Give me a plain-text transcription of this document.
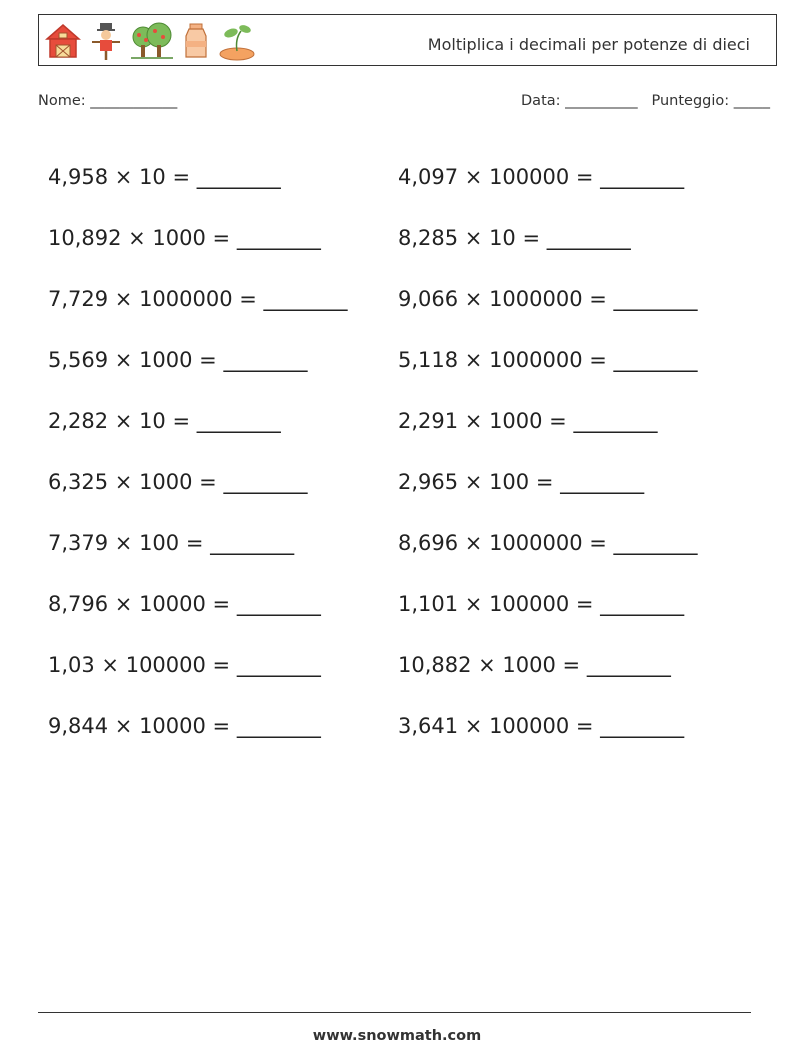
Moltiplica i decimali per potenze di dieci
Nome: ____________	Data: __________ Punteggio: _____
4,958 × 10 = ________	4,097 × 100000 = ________
10,892 × 1000 = ________	8,285 × 10 = ________
7,729 × 1000000 = ________	9,066 × 1000000 = ________
5,569 × 1000 = ________	5,118 × 1000000 = ________
2,282 × 10 = ________	2,291 × 1000 = ________
6,325 × 1000 = ________	2,965 × 100 = ________
7,379 × 100 = ________	8,696 × 1000000 = ________
8,796 × 10000 = ________	1,101 × 100000 = ________
1,03 × 100000 = ________	10,882 × 1000 = ________
9,844 × 10000 = ________	3,641 × 100000 = ________
www.snowmath.com
